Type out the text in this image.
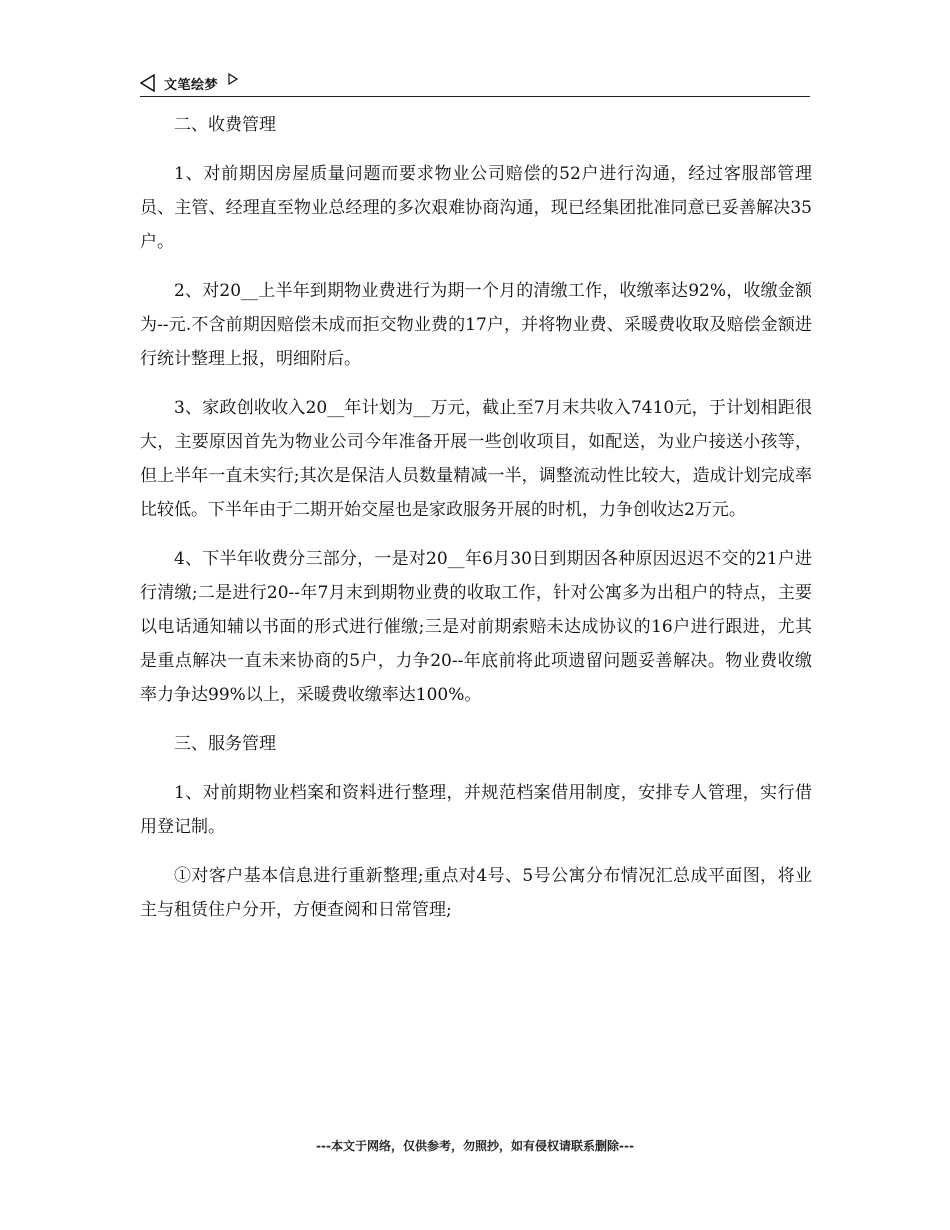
文笔绘梦

二、收费管理

1、对前期因房屋质量问题而要求物业公司赔偿的52户进行沟通，经过客服部管理员、主管、经理直至物业总经理的多次艰难协商沟通，现已经集团批准同意已妥善解决35户。

2、对20__上半年到期物业费进行为期一个月的清缴工作，收缴率达92%，收缴金额为--元.不含前期因赔偿未成而拒交物业费的17户，并将物业费、采暖费收取及赔偿金额进行统计整理上报，明细附后。

3、家政创收收入20__年计划为__万元，截止至7月末共收入7410元，于计划相距很大，主要原因首先为物业公司今年准备开展一些创收项目，如配送，为业户接送小孩等，但上半年一直未实行;其次是保洁人员数量精减一半，调整流动性比较大，造成计划完成率比较低。下半年由于二期开始交屋也是家政服务开展的时机，力争创收达2万元。

4、下半年收费分三部分，一是对20__年6月30日到期因各种原因迟迟不交的21户进行清缴;二是进行20--年7月末到期物业费的收取工作，针对公寓多为出租户的特点，主要以电话通知辅以书面的形式进行催缴;三是对前期索赔未达成协议的16户进行跟进，尤其是重点解决一直未来协商的5户，力争20--年底前将此项遗留问题妥善解决。物业费收缴率力争达99%以上，采暖费收缴率达100%。

三、服务管理

1、对前期物业档案和资料进行整理，并规范档案借用制度，安排专人管理，实行借用登记制。

①对客户基本信息进行重新整理;重点对4号、5号公寓分布情况汇总成平面图，将业主与租赁住户分开，方便查阅和日常管理;

---本文于网络，仅供参考，勿照抄，如有侵权请联系删除---
